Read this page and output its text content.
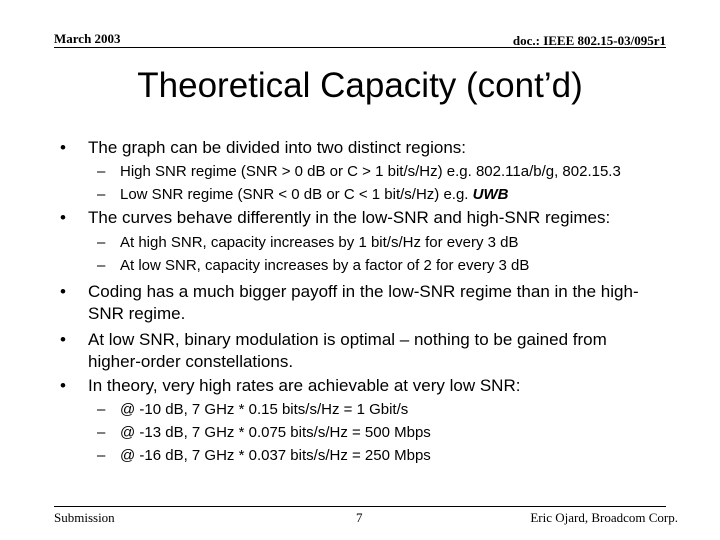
March 2003	doc.: IEEE 802.15-03/095r1
Theoretical Capacity (cont’d)
• The graph can be divided into two distinct regions:
– High SNR regime (SNR > 0 dB or C > 1 bit/s/Hz) e.g. 802.11a/b/g, 802.15.3
– Low SNR regime (SNR < 0 dB or C < 1 bit/s/Hz) e.g. UWB
• The curves behave differently in the low-SNR and high-SNR regimes:
– At high SNR, capacity increases by 1 bit/s/Hz for every 3 dB
– At low SNR, capacity increases by a factor of 2 for every 3 dB
• Coding has a much bigger payoff in the low-SNR regime than in the high-SNR regime.
• At low SNR, binary modulation is optimal – nothing to be gained from higher-order constellations.
• In theory, very high rates are achievable at very low SNR:
– @ -10 dB, 7 GHz * 0.15 bits/s/Hz = 1 Gbit/s
– @ -13 dB, 7 GHz * 0.075 bits/s/Hz = 500 Mbps
– @ -16 dB, 7 GHz * 0.037 bits/s/Hz = 250 Mbps
Submission	7	Eric Ojard, Broadcom Corp.
